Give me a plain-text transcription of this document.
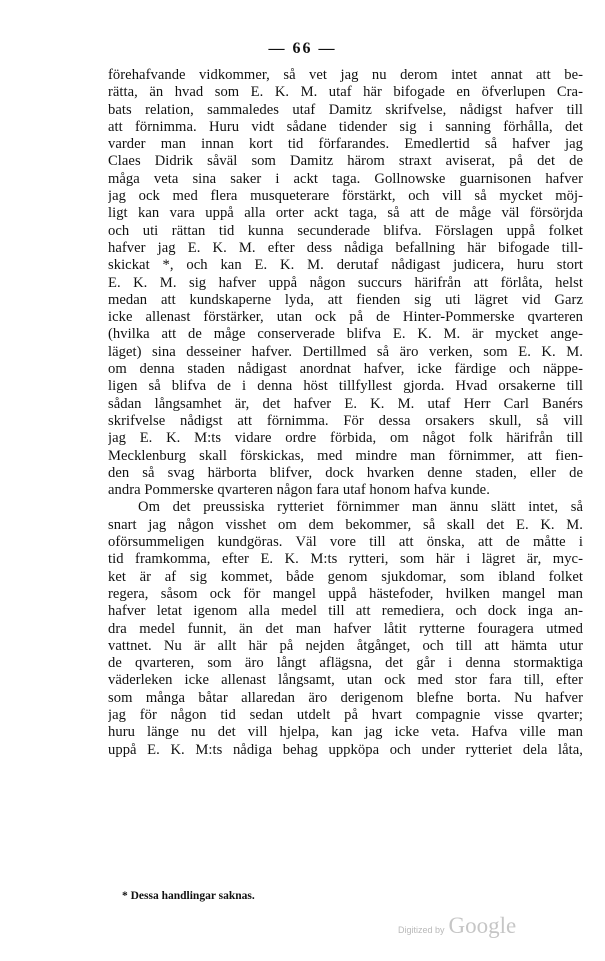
— 66 —
förehafvande vidkommer, så vet jag nu derom intet annat att be-
rätta, än hvad som E. K. M. utaf här bifogade en öfverlupen Cra-
bats relation, sammaledes utaf Damitz skrifvelse, nådigst hafver till
att förnimma. Huru vidt sådane tidender sig i sanning förhålla, det
varder man innan kort tid förfarandes. Emedlertid så hafver jag
Claes Didrik såväl som Damitz härom straxt aviserat, på det de
måga veta sina saker i ackt taga. Gollnowske guarnisonen hafver
jag ock med flera musqueterare förstärkt, och vill så mycket möj-
ligt kan vara uppå alla orter ackt taga, så att de måge väl försörjda
och uti rättan tid kunna secunderade blifva. Förslagen uppå folket
hafver jag E. K. M. efter dess nådiga befallning här bifogade till-
skickat *, och kan E. K. M. derutaf nådigast judicera, huru stort
E. K. M. sig hafver uppå någon succurs härifrån att förlåta, helst
medan att kundskaperne lyda, att fienden sig uti lägret vid Garz
icke allenast förstärker, utan ock på de Hinter-Pommerske qvarteren
(hvilka att de måge conserverade blifva E. K. M. är mycket ange-
läget) sina desseiner hafver. Dertillmed så äro verken, som E. K. M.
om denna staden nådigast anordnat hafver, icke färdige och näppe-
ligen så blifva de i denna höst tillfyllest gjorda. Hvad orsakerne till
sådan långsamhet är, det hafver E. K. M. utaf Herr Carl Banérs
skrifvelse nådigst att förnimma. För dessa orsakers skull, så vill
jag E. K. M:ts vidare ordre förbida, om något folk härifrån till
Mecklenburg skall förskickas, med mindre man förnimmer, att fien-
den så svag härborta blifver, dock hvarken denne staden, eller de
andra Pommerske qvarteren någon fara utaf honom hafva kunde.
Om det preussiska rytteriet förnimmer man ännu slätt intet, så
snart jag någon visshet om dem bekommer, så skall det E. K. M.
oförsummeligen kundgöras. Väl vore till att önska, att de måtte i
tid framkomma, efter E. K. M:ts rytteri, som här i lägret är, myc-
ket är af sig kommet, både genom sjukdomar, som ibland folket
regera, såsom ock för mangel uppå hästefoder, hvilken mangel man
hafver letat igenom alla medel till att remediera, och dock inga an-
dra medel funnit, än det man hafver låtit rytterne fouragera utmed
vattnet. Nu är allt här på nejden åtgånget, och till att hämta utur
de qvarteren, som äro långt aflägsna, det går i denna stormaktiga
väderleken icke allenast långsamt, utan ock med stor fara till, efter
som många båtar allaredan äro derigenom blefne borta. Nu hafver
jag för någon tid sedan utdelt på hvart compagnie visse qvarter;
huru länge nu det vill hjelpa, kan jag icke veta. Hafva ville man
uppå E. K. M:ts nådiga behag uppköpa och under rytteriet dela låta,
* Dessa handlingar saknas.
Digitized by Google
